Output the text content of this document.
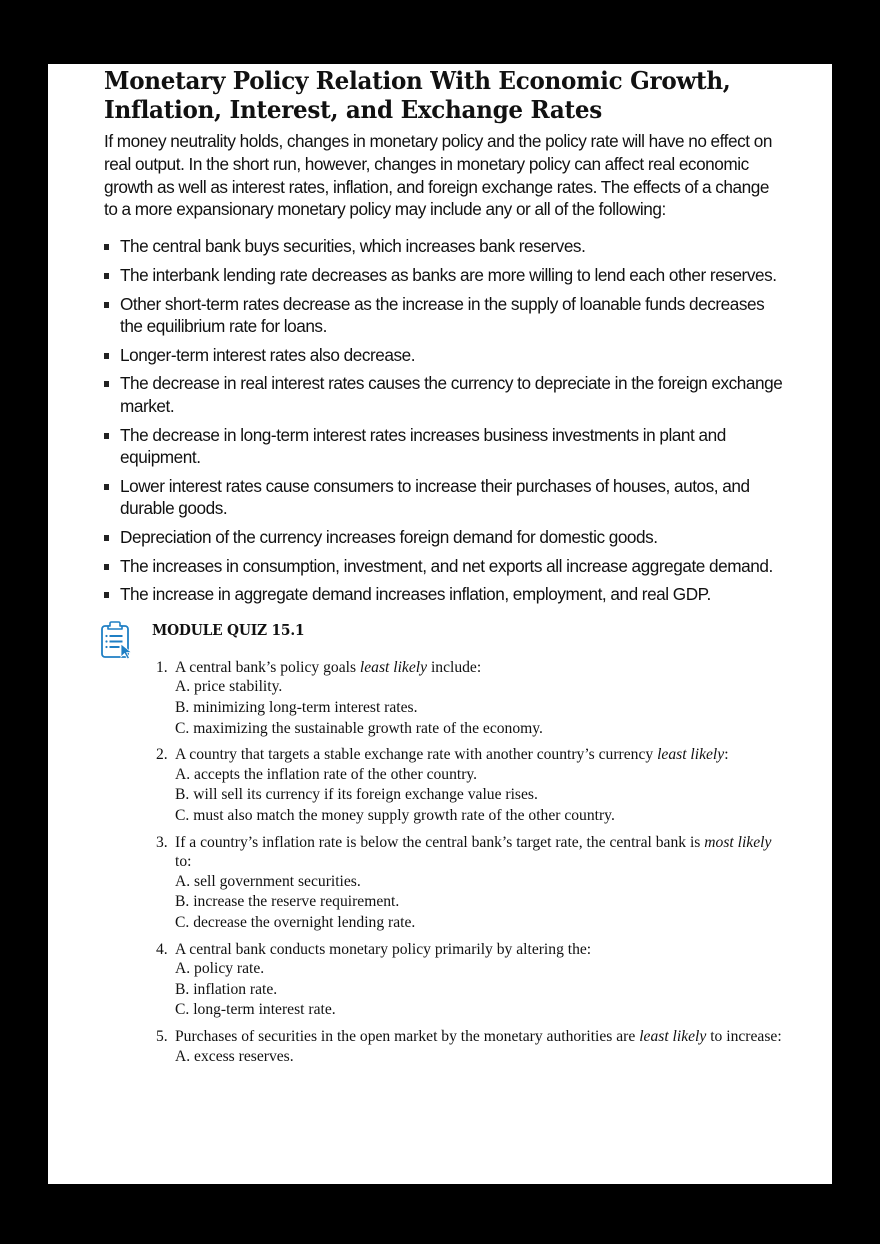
Monetary Policy Relation With Economic Growth, Inflation, Interest, and Exchange Rates

If money neutrality holds, changes in monetary policy and the policy rate will have no effect on real output. In the short run, however, changes in monetary policy can affect real economic growth as well as interest rates, inflation, and foreign exchange rates. The effects of a change to a more expansionary monetary policy may include any or all of the following:

The central bank buys securities, which increases bank reserves.
The interbank lending rate decreases as banks are more willing to lend each other reserves.
Other short-term rates decrease as the increase in the supply of loanable funds decreases the equilibrium rate for loans.
Longer-term interest rates also decrease.
The decrease in real interest rates causes the currency to depreciate in the foreign exchange market.
The decrease in long-term interest rates increases business investments in plant and equipment.
Lower interest rates cause consumers to increase their purchases of houses, autos, and durable goods.
Depreciation of the currency increases foreign demand for domestic goods.
The increases in consumption, investment, and net exports all increase aggregate demand.
The increase in aggregate demand increases inflation, employment, and real GDP.
MODULE QUIZ 15.1
1. A central bank’s policy goals least likely include:
A. price stability.
B. minimizing long-term interest rates.
C. maximizing the sustainable growth rate of the economy.
2. A country that targets a stable exchange rate with another country’s currency least likely:
A. accepts the inflation rate of the other country.
B. will sell its currency if its foreign exchange value rises.
C. must also match the money supply growth rate of the other country.
3. If a country’s inflation rate is below the central bank’s target rate, the central bank is most likely to:
A. sell government securities.
B. increase the reserve requirement.
C. decrease the overnight lending rate.
4. A central bank conducts monetary policy primarily by altering the:
A. policy rate.
B. inflation rate.
C. long-term interest rate.
5. Purchases of securities in the open market by the monetary authorities are least likely to increase:
A. excess reserves.
